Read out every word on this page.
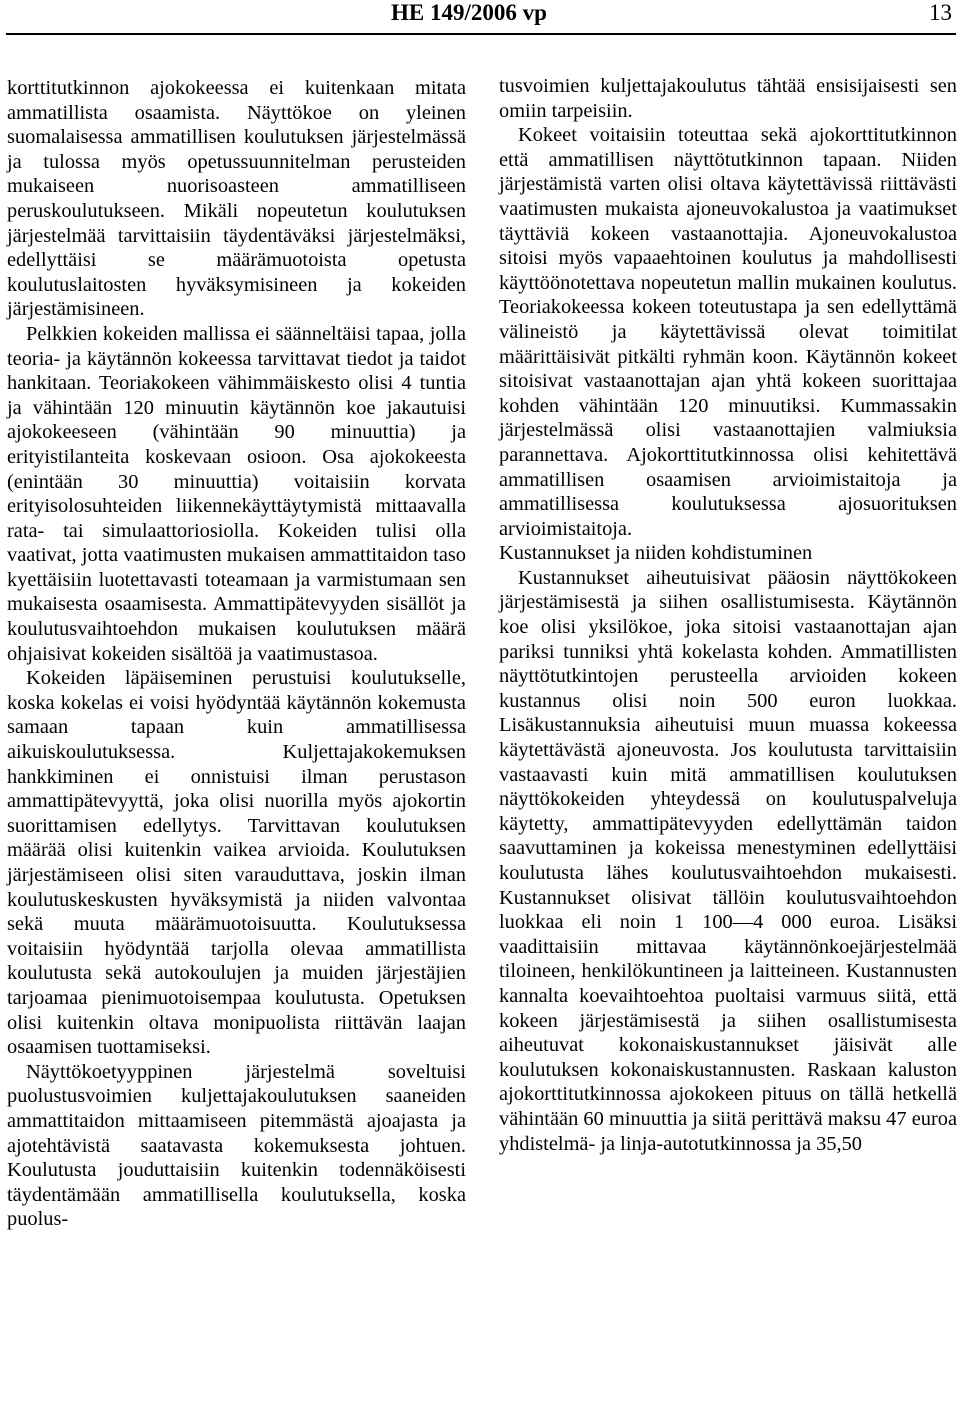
HE 149/2006 vp	13

korttitutkinnon ajokokeessa ei kuitenkaan mitata ammatillista osaamista. Näyttökoe on yleinen suomalaisessa ammatillisen koulutuksen järjestelmässä ja tulossa myös opetussuunnitelman perusteiden mukaiseen nuorisoasteen ammatilliseen peruskoulutukseen. Mikäli nopeutetun koulutuksen järjestelmää tarvittaisiin täydentäväksi järjestelmäksi, edellyttäisi se määrämuotoista opetusta koulutuslaitosten hyväksymisineen ja kokeiden järjestämisineen.

Pelkkien kokeiden mallissa ei säänneltäisi tapaa, jolla teoria- ja käytännön kokeessa tarvittavat tiedot ja taidot hankitaan. Teoriakokeen vähimmäiskesto olisi 4 tuntia ja vähintään 120 minuutin käytännön koe jakautuisi ajokokeeseen (vähintään 90 minuuttia) ja erityistilanteita koskevaan osioon. Osa ajokokeesta (enintään 30 minuuttia) voitaisiin korvata erityisolosuhteiden liikennekäyttäytymistä mittaavalla rata- tai simulaattoriosiolla. Kokeiden tulisi olla vaativat, jotta vaatimusten mukaisen ammattitaidon taso kyettäisiin luotettavasti toteamaan ja varmistumaan sen mukaisesta osaamisesta. Ammattipätevyyden sisällöt ja koulutusvaihtoehdon mukaisen koulutuksen määrä ohjaisivat kokeiden sisältöä ja vaatimustasoa.

Kokeiden läpäiseminen perustuisi koulutukselle, koska kokelas ei voisi hyödyntää käytännön kokemusta samaan tapaan kuin ammatillisessa aikuiskoulutuksessa. Kuljettajakokemuksen hankkiminen ei onnistuisi ilman perustason ammattipätevyyttä, joka olisi nuorilla myös ajokortin suorittamisen edellytys. Tarvittavan koulutuksen määrää olisi kuitenkin vaikea arvioida. Koulutuksen järjestämiseen olisi siten varauduttava, joskin ilman koulutuskeskusten hyväksymistä ja niiden valvontaa sekä muuta määrämuotoisuutta. Koulutuksessa voitaisiin hyödyntää tarjolla olevaa ammatillista koulutusta sekä autokoulujen ja muiden järjestäjien tarjoamaa pienimuotoisempaa koulutusta. Opetuksen olisi kuitenkin oltava monipuolista riittävän laajan osaamisen tuottamiseksi.

Näyttökoetyyppinen järjestelmä soveltuisi puolustusvoimien kuljettajakoulutuksen saaneiden ammattitaidon mittaamiseen pitemmästä ajoajasta ja ajotehtävistä saatavasta kokemuksesta johtuen. Koulutusta jouduttaisiin kuitenkin todennäköisesti täydentämään ammatillisella koulutuksella, koska puolus-

tusvoimien kuljettajakoulutus tähtää ensisijaisesti sen omiin tarpeisiin.

Kokeet voitaisiin toteuttaa sekä ajokorttitutkinnon että ammatillisen näyttötutkinnon tapaan. Niiden järjestämistä varten olisi oltava käytettävissä riittävästi vaatimusten mukaista ajoneuvokalustoa ja vaatimukset täyttäviä kokeen vastaanottajia. Ajoneuvokalustoa sitoisi myös vapaaehtoinen koulutus ja mahdollisesti käyttöönotettava nopeutetun mallin mukainen koulutus. Teoriakokeessa kokeen toteutustapa ja sen edellyttämä välineistö ja käytettävissä olevat toimitilat määrittäisivät pitkälti ryhmän koon. Käytännön kokeet sitoisivat vastaanottajan ajan yhtä kokeen suorittajaa kohden vähintään 120 minuutiksi. Kummassakin järjestelmässä olisi vastaanottajien valmiuksia parannettava. Ajokorttitutkinnossa olisi kehitettävä ammatillisen osaamisen arvioimistaitoja ja ammatillisessa koulutuksessa ajosuorituksen arvioimistaitoja.

Kustannukset ja niiden kohdistuminen

Kustannukset aiheutuisivat pääosin näyttökokeen järjestämisestä ja siihen osallistumisesta. Käytännön koe olisi yksilökoe, joka sitoisi vastaanottajan ajan pariksi tunniksi yhtä kokelasta kohden. Ammatillisten näyttötutkintojen perusteella arvioiden kokeen kustannus olisi noin 500 euron luokkaa. Lisäkustannuksia aiheutuisi muun muassa kokeessa käytettävästä ajoneuvosta. Jos koulutusta tarvittaisiin vastaavasti kuin mitä ammatillisen koulutuksen näyttökokeiden yhteydessä on koulutuspalveluja käytetty, ammattipätevyyden edellyttämän taidon saavuttaminen ja kokeissa menestyminen edellyttäisi koulutusta lähes koulutusvaihtoehdon mukaisesti. Kustannukset olisivat tällöin koulutusvaihtoehdon luokkaa eli noin 1 100—4 000 euroa. Lisäksi vaadittaisiin mittavaa käytännönkoejärjestelmää tiloineen, henkilökuntineen ja laitteineen. Kustannusten kannalta koevaihtoehtoa puoltaisi varmuus siitä, että kokeen järjestämisestä ja siihen osallistumisesta aiheutuvat kokonaiskustannukset jäisivät alle koulutuksen kokonaiskustannusten. Raskaan kaluston ajokorttitutkinnossa ajokokeen pituus on tällä hetkellä vähintään 60 minuuttia ja siitä perittävä maksu 47 euroa yhdistelmä- ja linja-autotutkinnossa ja 35,50
